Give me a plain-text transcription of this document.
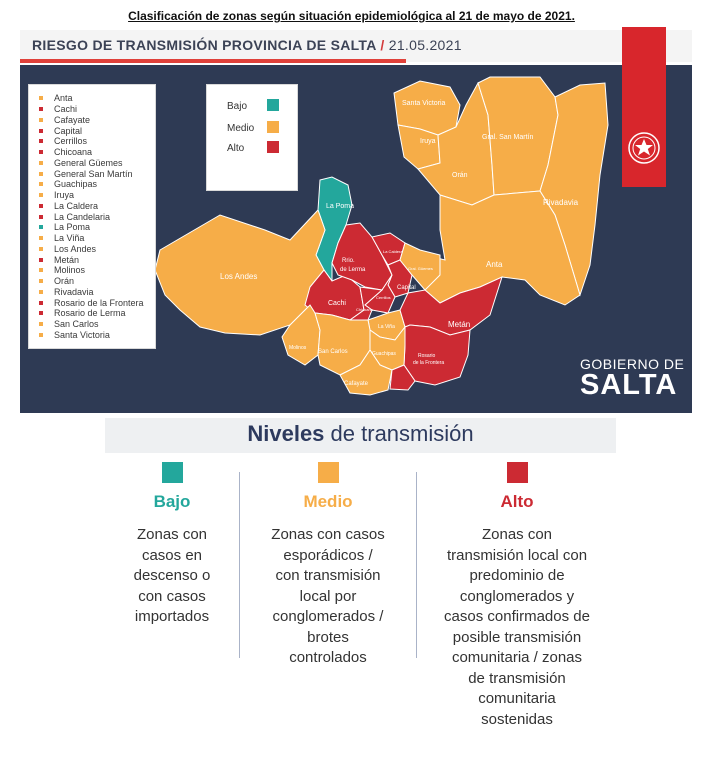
Clasificación de zonas según situación epidemiológica al 21 de mayo de 2021.
RIESGO DE TRANSMISIÓN PROVINCIA DE SALTA / 21.05.2021
Santa Victoria
Iruya
Orán
Gral. San Martín
Rivadavia
La Poma
Los Andes
Anta
Rrio.
de Lerma
La Caldera
Gral. Güemes
Capital
Cerrillos
Chicoana
Cachi
La Viña	Metán
Molinos
San Carlos	Guachipas	Rosario
de la Frontera
Cafayate
Anta
Cachi
Cafayate
Capital
Cerrillos
Chicoana
General Güemes
General San Martín
Guachipas
Iruya
La Caldera
La Candelaria
La Poma
La Viña
Los Andes
Metán
Molinos
Orán
Rivadavia
Rosario de la Frontera
Rosario de Lerma
San Carlos
Santa Victoria
Bajo
Medio
Alto
GOBIERNO DE
SALTA
Niveles de transmisión
Bajo
Zonas con
casos en
descenso o
con casos
importados
Medio
Zonas con casos
esporádicos /
con transmisión
local por
conglomerados /
brotes
controlados
Alto
Zonas con
transmisión local con
predominio de
conglomerados y
casos confirmados de
posible transmisión
comunitaria / zonas
de transmisión
comunitaria
sostenidas
